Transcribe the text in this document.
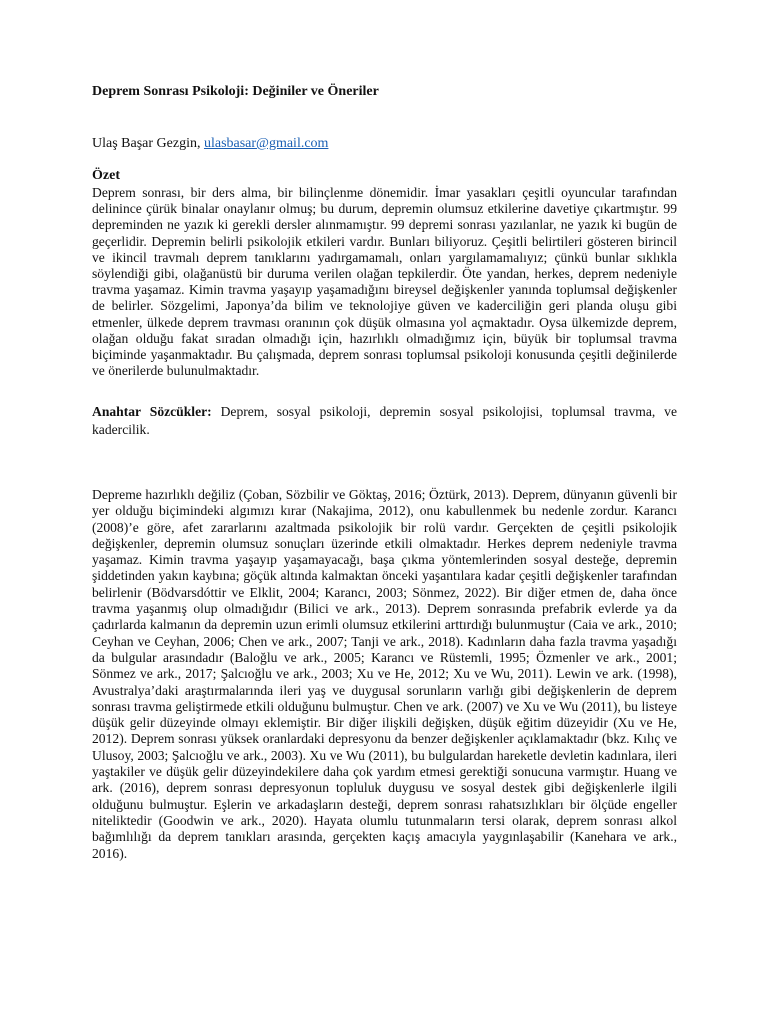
Deprem Sonrası Psikoloji: Değiniler ve Öneriler
Ulaş Başar Gezgin, ulasbasar@gmail.com
Özet
Deprem sonrası, bir ders alma, bir bilinçlenme dönemidir. İmar yasakları çeşitli oyuncular tarafından delinince çürük binalar onaylanır olmuş; bu durum, depremin olumsuz etkilerine davetiye çıkartmıştır. 99 depreminden ne yazık ki gerekli dersler alınmamıştır. 99 depremi sonrası yazılanlar, ne yazık ki bugün de geçerlidir. Depremin belirli psikolojik etkileri vardır. Bunları biliyoruz. Çeşitli belirtileri gösteren birincil ve ikincil travmalı deprem tanıklarını yadırgamamalı, onları yargılamamalıyız; çünkü bunlar sıklıkla söylendiği gibi, olağanüstü bir duruma verilen olağan tepkilerdir. Öte yandan, herkes, deprem nedeniyle travma yaşamaz. Kimin travma yaşayıp yaşamadığını bireysel değişkenler yanında toplumsal değişkenler de belirler. Sözgelimi, Japonya’da bilim ve teknolojiye güven ve kaderciliğin geri planda oluşu gibi etmenler, ülkede deprem travması oranının çok düşük olmasına yol açmaktadır. Oysa ülkemizde deprem, olağan olduğu fakat sıradan olmadığı için, hazırlıklı olmadığımız için, büyük bir toplumsal travma biçiminde yaşanmaktadır. Bu çalışmada, deprem sonrası toplumsal psikoloji konusunda çeşitli değinilerde ve önerilerde bulunulmaktadır.
Anahtar Sözcükler: Deprem, sosyal psikoloji, depremin sosyal psikolojisi, toplumsal travma, ve kadercilik.
Depreme hazırlıklı değiliz (Çoban, Sözbilir ve Göktaş, 2016; Öztürk, 2013). Deprem, dünyanın güvenli bir yer olduğu biçimindeki algımızı kırar (Nakajima, 2012), onu kabullenmek bu nedenle zordur. Karancı (2008)’e göre, afet zararlarını azaltmada psikolojik bir rolü vardır. Gerçekten de çeşitli psikolojik değişkenler, depremin olumsuz sonuçları üzerinde etkili olmaktadır. Herkes deprem nedeniyle travma yaşamaz. Kimin travma yaşayıp yaşamayacağı, başa çıkma yöntemlerinden sosyal desteğe, depremin şiddetinden yakın kaybına; göçük altında kalmaktan önceki yaşantılara kadar çeşitli değişkenler tarafından belirlenir (Bödvarsdóttir ve Elklit, 2004; Karancı, 2003; Sönmez, 2022). Bir diğer etmen de, daha önce travma yaşanmış olup olmadığıdır (Bilici ve ark., 2013). Deprem sonrasında prefabrik evlerde ya da çadırlarda kalmanın da depremin uzun erimli olumsuz etkilerini arttırdığı bulunmuştur (Caia ve ark., 2010; Ceyhan ve Ceyhan, 2006; Chen ve ark., 2007; Tanji ve ark., 2018). Kadınların daha fazla travma yaşadığı da bulgular arasındadır (Baloğlu ve ark., 2005; Karancı ve Rüstemli, 1995; Özmenler ve ark., 2001; Sönmez ve ark., 2017; Şalcıoğlu ve ark., 2003; Xu ve He, 2012; Xu ve Wu, 2011). Lewin ve ark. (1998), Avustralya’daki araştırmalarında ileri yaş ve duygusal sorunların varlığı gibi değişkenlerin de deprem sonrası travma geliştirmede etkili olduğunu bulmuştur. Chen ve ark. (2007) ve Xu ve Wu (2011), bu listeye düşük gelir düzeyinde olmayı eklemiştir. Bir diğer ilişkili değişken, düşük eğitim düzeyidir (Xu ve He, 2012). Deprem sonrası yüksek oranlardaki depresyonu da benzer değişkenler açıklamaktadır (bkz. Kılıç ve Ulusoy, 2003; Şalcıoğlu ve ark., 2003). Xu ve Wu (2011), bu bulgulardan hareketle devletin kadınlara, ileri yaştakiler ve düşük gelir düzeyindekilere daha çok yardım etmesi gerektiği sonucuna varmıştır. Huang ve ark. (2016), deprem sonrası depresyonun topluluk duygusu ve sosyal destek gibi değişkenlerle ilgili olduğunu bulmuştur. Eşlerin ve arkadaşların desteği, deprem sonrası rahatsızlıkları bir ölçüde engeller niteliktedir (Goodwin ve ark., 2020). Hayata olumlu tutunmaların tersi olarak, deprem sonrası alkol bağımlılığı da deprem tanıkları arasında, gerçekten kaçış amacıyla yaygınlaşabilir (Kanehara ve ark., 2016).
